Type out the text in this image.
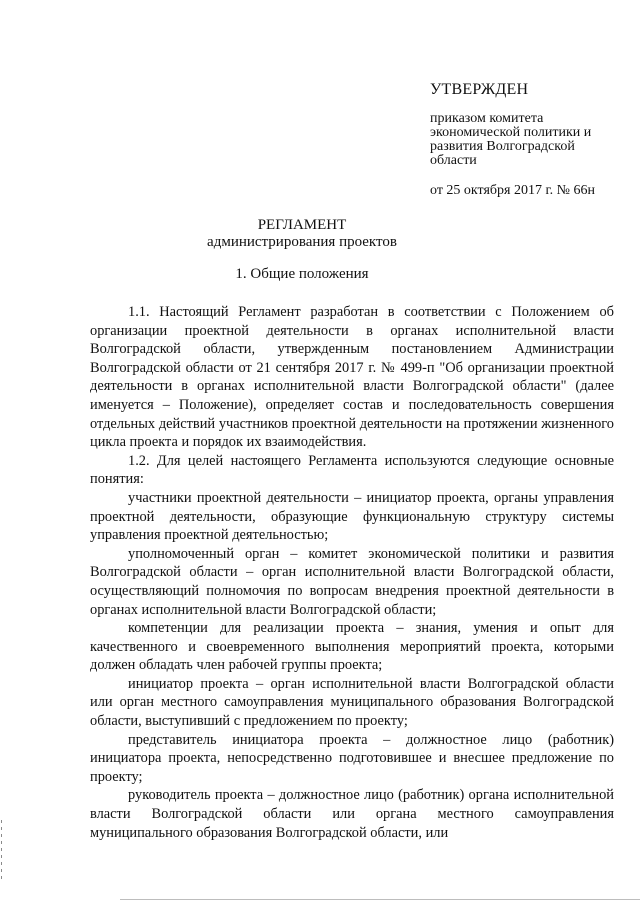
УТВЕРЖДЕН
приказом комитета
экономической политики и
развития Волгоградской
области
от 25 октября 2017 г. № 66н
РЕГЛАМЕНТ
администрирования проектов
1. Общие положения

1.1. Настоящий Регламент разработан в соответствии с Положением об организации проектной деятельности в органах исполнительной власти Волгоградской области, утвержденным постановлением Администрации Волгоградской области от 21 сентября 2017 г. № 499-п "Об организации проектной деятельности в органах исполнительной власти Волгоградской области" (далее именуется – Положение), определяет состав и последовательность совершения отдельных действий участников проектной деятельности на протяжении жизненного цикла проекта и порядок их взаимодействия.

1.2. Для целей настоящего Регламента используются следующие основные понятия:

участники проектной деятельности – инициатор проекта, органы управления проектной деятельности, образующие функциональную структуру системы управления проектной деятельностью;

уполномоченный орган – комитет экономической политики и развития Волгоградской области – орган исполнительной власти Волгоградской области, осуществляющий полномочия по вопросам внедрения проектной деятельности в органах исполнительной власти Волгоградской области;

компетенции для реализации проекта – знания, умения и опыт для качественного и своевременного выполнения мероприятий проекта, которыми должен обладать член рабочей группы проекта;

инициатор проекта – орган исполнительной власти Волгоградской области или орган местного самоуправления муниципального образования Волгоградской области, выступивший с предложением по проекту;

представитель инициатора проекта – должностное лицо (работник) инициатора проекта, непосредственно подготовившее и внесшее предложение по проекту;

руководитель проекта – должностное лицо (работник) органа исполнительной власти Волгоградской области или органа местного самоуправления муниципального образования Волгоградской области, или
